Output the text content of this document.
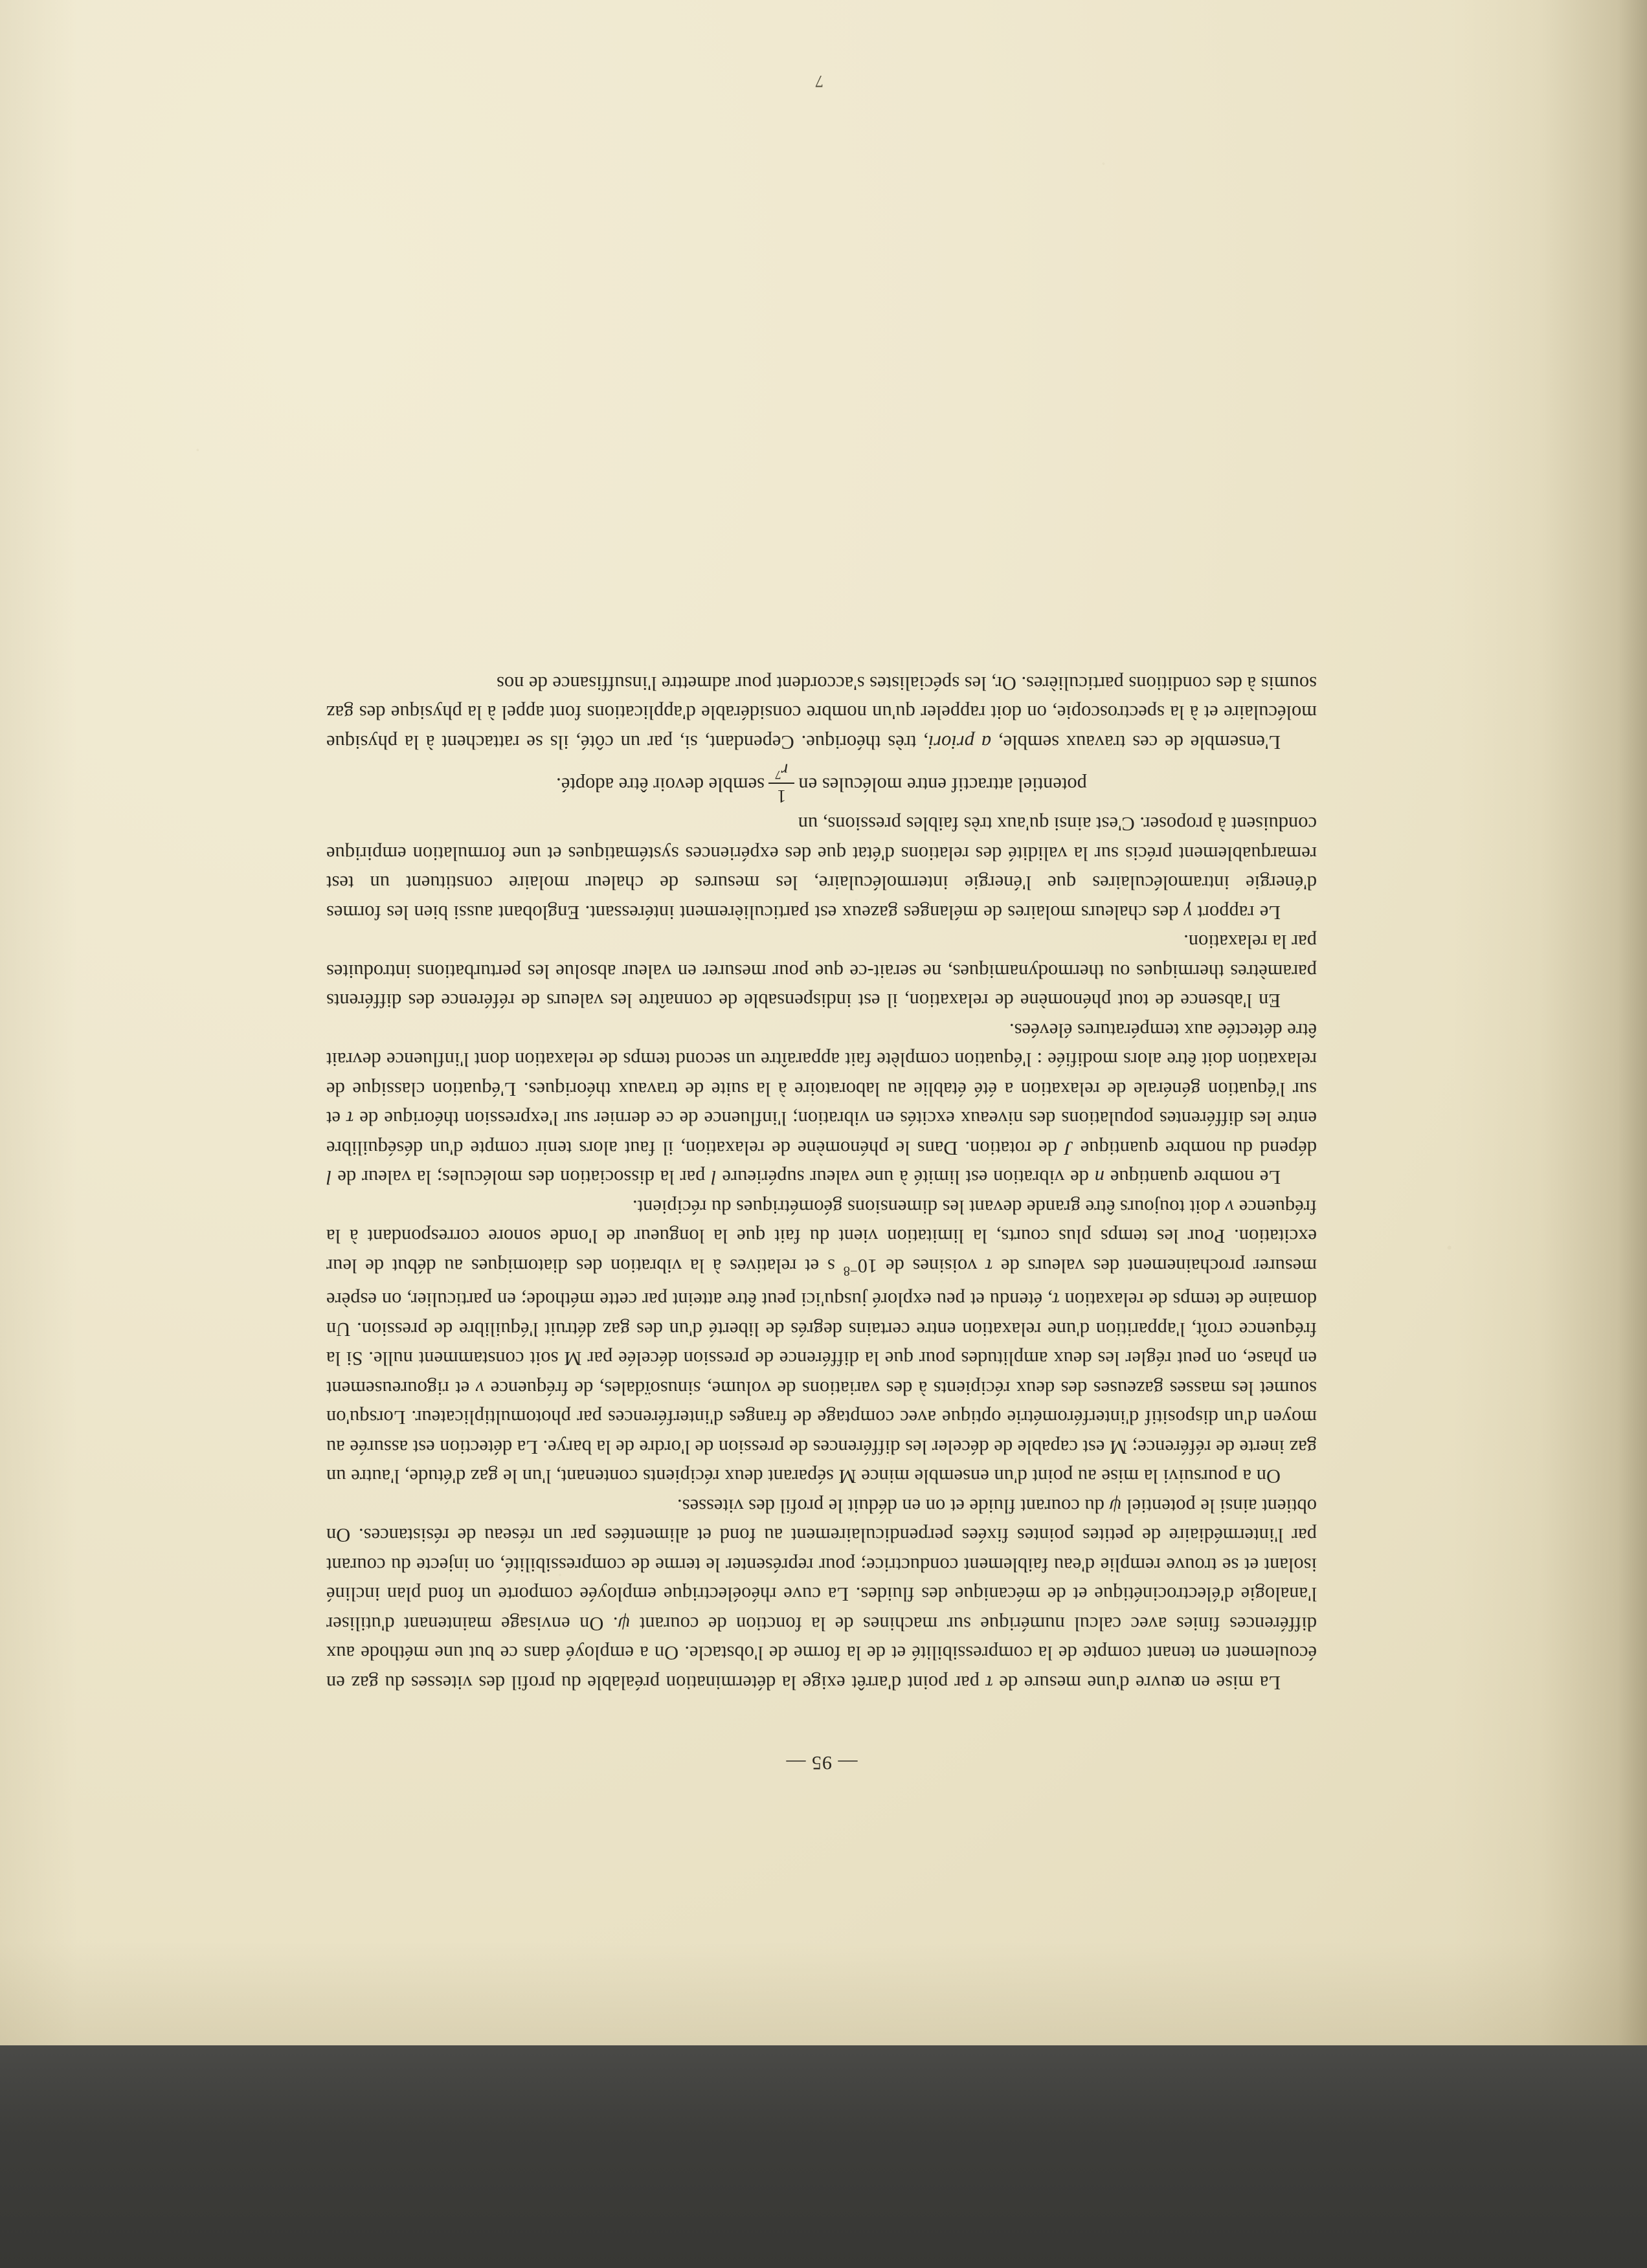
— 95 —

La mise en œuvre d'une mesure de τ par point d'arrêt exige la détermination préalable du profil des vitesses du gaz en écoulement en tenant compte de la compressibilité et de la forme de l'obstacle. On a employé dans ce but une méthode aux différences finies avec calcul numérique sur machines de la fonction de courant ψ. On envisage maintenant d'utiliser l'analogie d'électrocinétique et de mécanique des fluides. La cuve rhéoélectrique employée comporte un fond plan incliné isolant et se trouve remplie d'eau faiblement conductrice; pour représenter le terme de compressibilité, on injecte du courant par l'intermédiaire de petites pointes fixées perpendiculairement au fond et alimentées par un réseau de résistances. On obtient ainsi le potentiel ψ du courant fluide et on en déduit le profil des vitesses.

On a poursuivi la mise au point d'un ensemble mince M séparant deux récipients contenant, l'un le gaz d'étude, l'autre un gaz inerte de référence; M est capable de déceler les différences de pression de l'ordre de la barye. La détection est assurée au moyen d'un dispositif d'interférométrie optique avec comptage de franges d'interférences par photomultiplicateur. Lorsqu'on soumet les masses gazeuses des deux récipients à des variations de volume, sinusoïdales, de fréquence ν et rigoureusement en phase, on peut régler les deux amplitudes pour que la différence de pression décelée par M soit constamment nulle. Si la fréquence croît, l'apparition d'une relaxation entre certains degrés de liberté d'un des gaz détruit l'équilibre de pression. Un domaine de temps de relaxation τ, étendu et peu exploré jusqu'ici peut être atteint par cette méthode; en particulier, on espère mesurer prochainement des valeurs de τ voisines de $10^{-8}$ s et relatives à la vibration des diatomiques au début de leur excitation. Pour les temps plus courts, la limitation vient du fait que la longueur de l'onde sonore correspondant à la fréquence ν doit toujours être grande devant les dimensions géométriques du récipient.

Le nombre quantique n de vibration est limité à une valeur supérieure l par la dissociation des molécules; la valeur de l dépend du nombre quantique J de rotation. Dans le phénomène de relaxation, il faut alors tenir compte d'un déséquilibre entre les différentes populations des niveaux excités en vibration; l'influence de ce dernier sur l'expression théorique de τ et sur l'équation générale de relaxation a été établie au laboratoire à la suite de travaux théoriques. L'équation classique de relaxation doit être alors modifiée : l'équation complète fait apparaître un second temps de relaxation dont l'influence devrait être détectée aux températures élevées.

En l'absence de tout phénomène de relaxation, il est indispensable de connaître les valeurs de référence des différents paramètres thermiques ou thermodynamiques, ne serait-ce que pour mesurer en valeur absolue les perturbations introduites par la relaxation.

Le rapport γ des chaleurs molaires de mélanges gazeux est particulièrement intéressant. Englobant aussi bien les formes d'énergie intramoléculaires que l'énergie intermoléculaire, les mesures de chaleur molaire constituent un test remarquablement précis sur la validité des relations d'état que des expériences systématiques et une formulation empirique conduisent à proposer. C'est ainsi qu'aux très faibles pressions, un

potentiel attractif entre molécules en
1
$r^7$
semble devoir être adopté.

L'ensemble de ces travaux semble, a priori, très théorique. Cependant, si, par un côté, ils se rattachent à la physique moléculaire et à la spectroscopie, on doit rappeler qu'un nombre considérable d'applications font appel à la physique des gaz soumis à des conditions particulières. Or, les spécialistes s'accordent pour admettre l'insuffisance de nos

7
